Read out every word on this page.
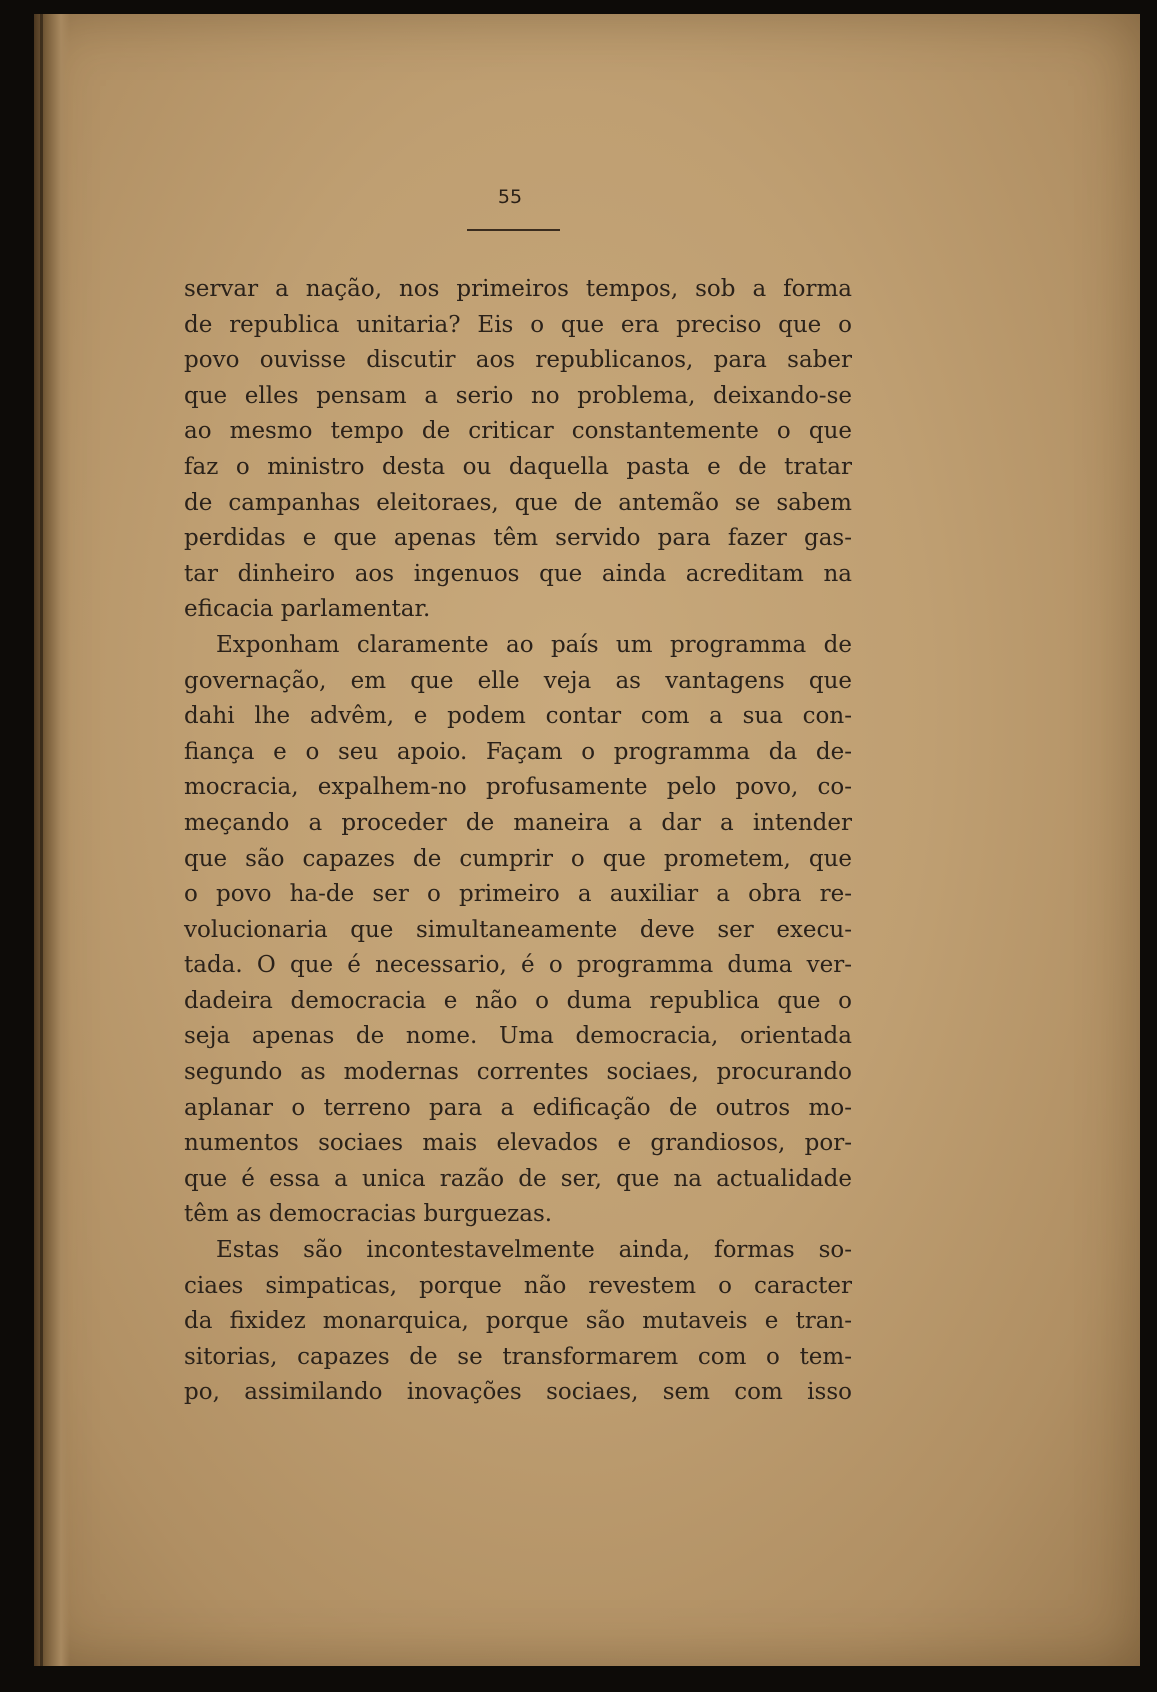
55
servar a nação, nos primeiros tempos, sob a forma
de republica unitaria? Eis o que era preciso que o
povo ouvisse discutir aos republicanos, para saber
que elles pensam a serio no problema, deixando-se
ao mesmo tempo de criticar constantemente o que
faz o ministro desta ou daquella pasta e de tratar
de campanhas eleitoraes, que de antemão se sabem
perdidas e que apenas têm servido para fazer gas-
tar dinheiro aos ingenuos que ainda acreditam na
eficacia parlamentar.
Exponham claramente ao país um programma de
governação, em que elle veja as vantagens que
dahi lhe advêm, e podem contar com a sua con-
fiança e o seu apoio. Façam o programma da de-
mocracia, expalhem-no profusamente pelo povo, co-
meçando a proceder de maneira a dar a intender
que são capazes de cumprir o que prometem, que
o povo ha-de ser o primeiro a auxiliar a obra re-
volucionaria que simultaneamente deve ser execu-
tada. O que é necessario, é o programma duma ver-
dadeira democracia e não o duma republica que o
seja apenas de nome. Uma democracia, orientada
segundo as modernas correntes sociaes, procurando
aplanar o terreno para a edificação de outros mo-
numentos sociaes mais elevados e grandiosos, por-
que é essa a unica razão de ser, que na actualidade
têm as democracias burguezas.
Estas são incontestavelmente ainda, formas so-
ciaes simpaticas, porque não revestem o caracter
da fixidez monarquica, porque são mutaveis e tran-
sitorias, capazes de se transformarem com o tem-
po, assimilando inovações sociaes, sem com isso
